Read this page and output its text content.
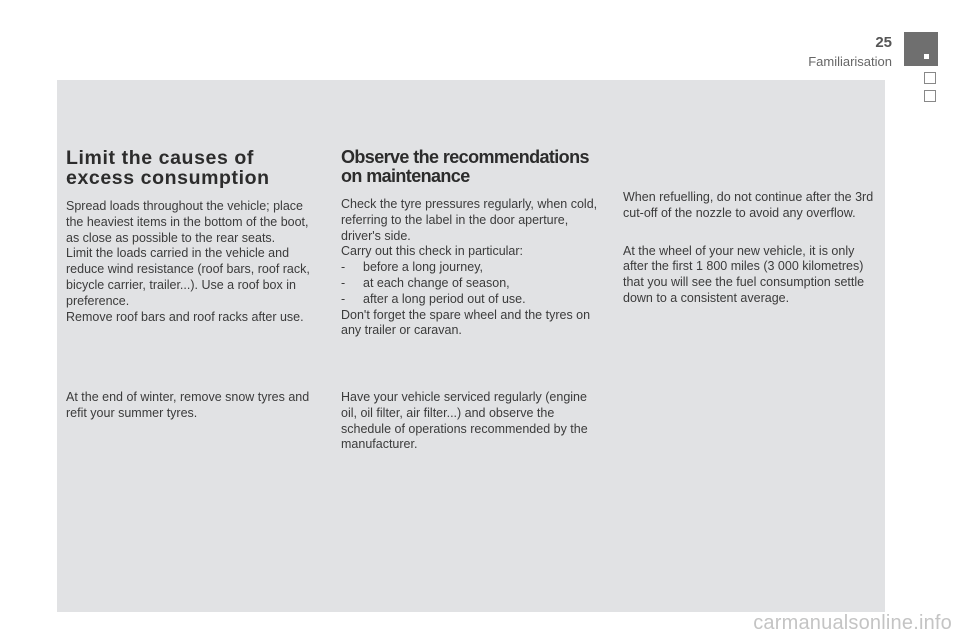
25
Familiarisation
Limit the causes of excess consumption

Spread loads throughout the vehicle; place the heaviest items in the bottom of the boot, as close as possible to the rear seats.

Limit the loads carried in the vehicle and reduce wind resistance (roof bars, roof rack, bicycle carrier, trailer...). Use a roof box in preference.

Remove roof bars and roof racks after use.

At the end of winter, remove snow tyres and refit your summer tyres.

Observe the recommendations on maintenance

Check the tyre pressures regularly, when cold, referring to the label in the door aperture, driver's side.

Carry out this check in particular:

-	before a long journey,
-	at each change of season,
-	after a long period out of use.

Don't forget the spare wheel and the tyres on any trailer or caravan.

Have your vehicle serviced regularly (engine oil, oil filter, air filter...) and observe the schedule of operations recommended by the manufacturer.

When refuelling, do not continue after the 3rd cut-off of the nozzle to avoid any overflow.

At the wheel of your new vehicle, it is only after the first 1 800 miles (3 000 kilometres) that you will see the fuel consumption settle down to a consistent average.

carmanualsonline.info
